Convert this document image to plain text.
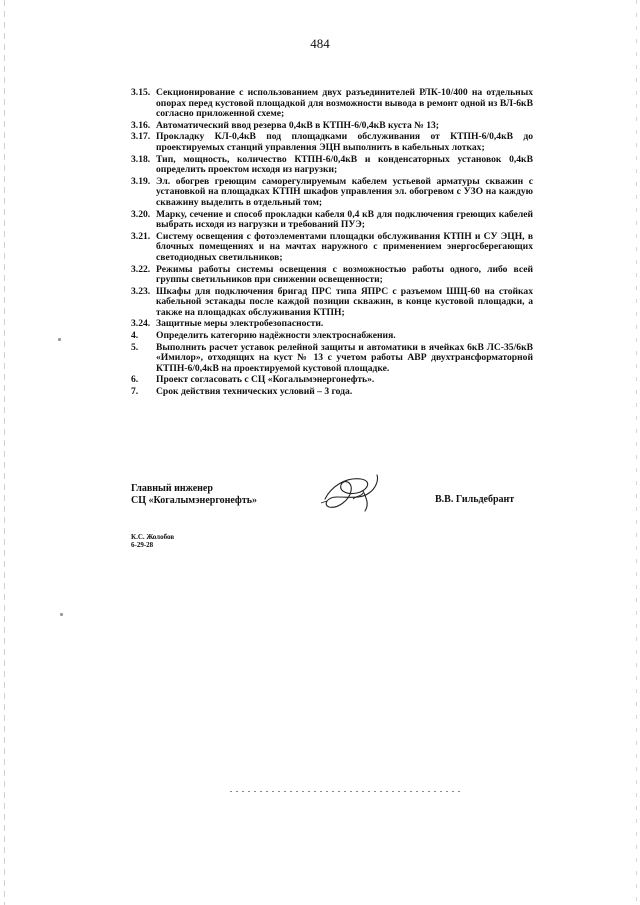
484
3.15. Секционирование с использованием двух разъединителей РЛК-10/400 на отдельных опорах перед кустовой площадкой для возможности вывода в ремонт одной из ВЛ-6кВ согласно приложенной схеме;
3.16. Автоматический ввод резерва 0,4кВ в КТПН-6/0,4кВ куста № 13;
3.17. Прокладку КЛ-0,4кВ под площадками обслуживания от КТПН-6/0,4кВ до проектируемых станций управления ЭЦН выполнить в кабельных лотках;
3.18. Тип, мощность, количество КТПН-6/0,4кВ и конденсаторных установок 0,4кВ определить проектом исходя из нагрузки;
3.19. Эл. обогрев греющим саморегулируемым кабелем устьевой арматуры скважин с установкой на площадках КТПН шкафов управления эл. обогревом с УЗО на каждую скважину выделить в отдельный том;
3.20. Марку, сечение и способ прокладки кабеля 0,4 кВ для подключения греющих кабелей выбрать исходя из нагрузки и требований ПУЭ;
3.21. Систему освещения с фотоэлементами площадки обслуживания КТПН и СУ ЭЦН, в блочных помещениях и на мачтах наружного с применением энергосберегающих светодиодных светильников;
3.22. Режимы работы системы освещения с возможностью работы одного, либо всей группы светильников при снижении освещенности;
3.23. Шкафы для подключения бригад ПРС типа ЯПРС с разъемом ШЩ-60 на стойках кабельной эстакады после каждой позиции скважин, в конце кустовой площадки, а также на площадках обслуживания КТПН;
3.24. Защитные меры электробезопасности.
4. Определить категорию надёжности электроснабжения.
5. Выполнить расчет уставок релейной защиты и автоматики в ячейках 6кВ ЛС-35/6кВ «Имилор», отходящих на куст № 13 с учетом работы АВР двухтрансформаторной КТПН-6/0,4кВ на проектируемой кустовой площадке.
6. Проект согласовать с СЦ «Когалымэнергонефть».
7. Срок действия технических условий – 3 года.
Главный инженер
СЦ «Когалымэнергонефть»	В.В. Гильдебрант
К.С. Жолобов
6-29-28
